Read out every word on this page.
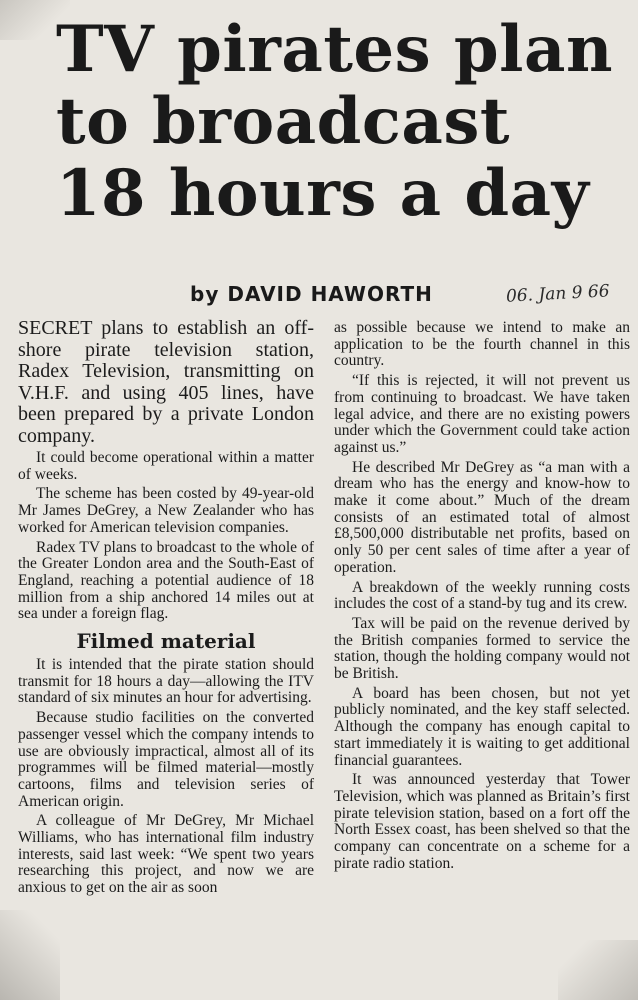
TV pirates plan
to broadcast
18 hours a day
by DAVID HAWORTH	06. Jan 9 66

SECRET plans to establish an off-shore pirate television station, Radex Television, transmitting on V.H.F. and using 405 lines, have been prepared by a private London company.

It could become operational within a matter of weeks.

The scheme has been costed by 49-year-old Mr James DeGrey, a New Zealander who has worked for American television companies.

Radex TV plans to broadcast to the whole of the Greater London area and the South-East of England, reaching a potential audience of 18 million from a ship anchored 14 miles out at sea under a foreign flag.

Filmed material

It is intended that the pirate station should transmit for 18 hours a day—allowing the ITV standard of six minutes an hour for advertising.

Because studio facilities on the converted passenger vessel which the company intends to use are obviously impractical, almost all of its programmes will be filmed material—mostly cartoons, films and television series of American origin.

A colleague of Mr DeGrey, Mr Michael Williams, who has international film industry interests, said last week: “We spent two years researching this project, and now we are anxious to get on the air as soon

as possible because we intend to make an application to be the fourth channel in this country.

“If this is rejected, it will not prevent us from continuing to broadcast. We have taken legal advice, and there are no existing powers under which the Government could take action against us.”

He described Mr DeGrey as “a man with a dream who has the energy and know-how to make it come about.” Much of the dream consists of an estimated total of almost £8,500,000 distributable net profits, based on only 50 per cent sales of time after a year of operation.

A breakdown of the weekly running costs includes the cost of a stand-by tug and its crew.

Tax will be paid on the revenue derived by the British companies formed to service the station, though the holding company would not be British.

A board has been chosen, but not yet publicly nominated, and the key staff selected. Although the company has enough capital to start immediately it is waiting to get additional financial guarantees.

It was announced yesterday that Tower Television, which was planned as Britain’s first pirate television station, based on a fort off the North Essex coast, has been shelved so that the company can concentrate on a scheme for a pirate radio station.
